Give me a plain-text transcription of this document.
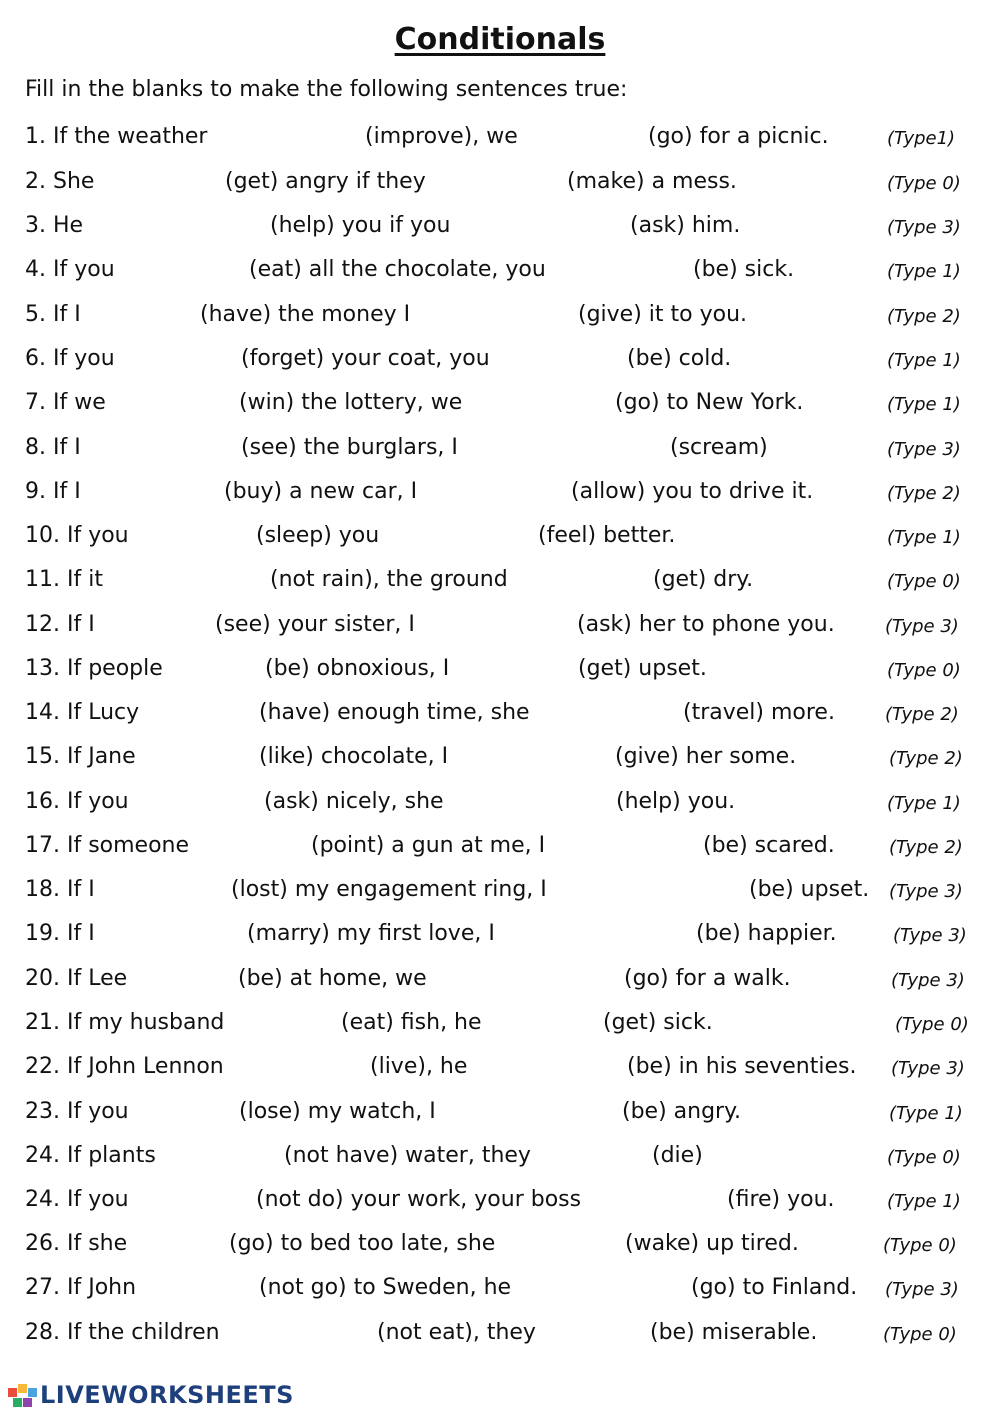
Conditionals
Fill in the blanks to make the following sentences true:
1. If the weather	(improve), we	(go) for a picnic.	(Type1)
2. She	(get) angry if they	(make) a mess.	(Type 0)
3. He	(help) you if you	(ask) him.	(Type 3)
4. If you	(eat) all the chocolate, you	(be) sick.	(Type 1)
5. If I	(have) the money I	(give) it to you.	(Type 2)
6. If you	(forget) your coat, you	(be) cold.	(Type 1)
7. If we	(win) the lottery, we	(go) to New York.	(Type 1)
8. If I	(see) the burglars, I	(scream)	(Type 3)
9. If I	(buy) a new car, I	(allow) you to drive it.	(Type 2)
10. If you	(sleep) you	(feel) better.	(Type 1)
11. If it	(not rain), the ground	(get) dry.	(Type 0)
12. If I	(see) your sister, I	(ask) her to phone you.	(Type 3)
13. If people	(be) obnoxious, I	(get) upset.	(Type 0)
14. If Lucy	(have) enough time, she	(travel) more.	(Type 2)
15. If Jane	(like) chocolate, I	(give) her some.	(Type 2)
16. If you	(ask) nicely, she	(help) you.	(Type 1)
17. If someone	(point) a gun at me, I	(be) scared.	(Type 2)
18. If I	(lost) my engagement ring, I	(be) upset. (Type 3)
19. If I	(marry) my first love, I	(be) happier.	(Type 3)
20. If Lee	(be) at home, we	(go) for a walk.	(Type 3)
21. If my husband	(eat) fish, he	(get) sick.	(Type 0)
22. If John Lennon	(live), he	(be) in his seventies. (Type 3)
23. If you	(lose) my watch, I	(be) angry.	(Type 1)
24. If plants	(not have) water, they	(die)	(Type 0)
24. If you	(not do) your work, your boss	(fire) you.	(Type 1)
26. If she	(go) to bed too late, she	(wake) up tired.	(Type 0)
27. If John	(not go) to Sweden, he	(go) to Finland. (Type 3)
28. If the children	(not eat), they	(be) miserable.	(Type 0)
LIVEWORKSHEETS
